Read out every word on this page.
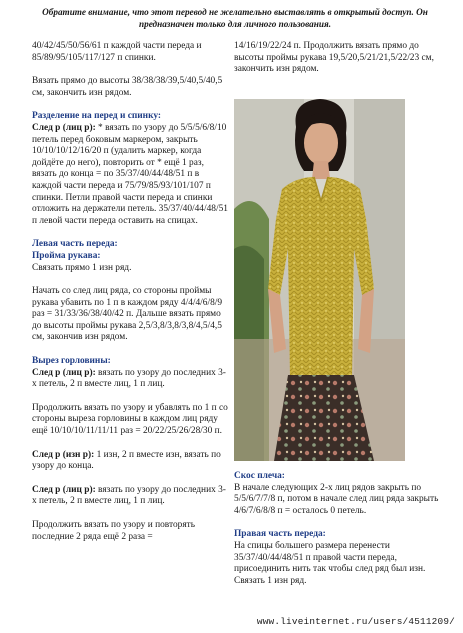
Обратите внимание, что этот перевод не желательно выставлять в открытый доступ. Он предназначен только для личного пользования.

40/42/45/50/56/61 п каждой части переда и 85/89/95/105/117/127 п спинки.

Вязать прямо до высоты 38/38/38/39,5/40,5/40,5 см, закончить изн рядом.

Разделение на перед и спинку:
След р (лиц р): * вязать по узору до 5/5/5/6/8/10 петель перед боковым маркером, закрыть 10/10/10/12/16/20 п (удалить маркер, когда дойдёте до него), повторить от * ещё 1 раз, вязать до конца = по 35/37/40/44/48/51 п в каждой части переда и 75/79/85/93/101/107 п спинки. Петли правой части переда и спинки отложить на держатели петель. 35/37/40/44/48/51 п левой части переда оставить на спицах.

Левая часть переда:
Пройма рукава:
Связать прямо 1 изн ряд.

Начать со след лиц ряда, со стороны проймы рукава убавить по 1 п в каждом ряду 4/4/4/6/8/9 раз = 31/33/36/38/40/42 п. Дальше вязать прямо до высоты проймы рукава 2,5/3,8/3,8/3,8/4,5/4,5 см, закончив изн рядом.

Вырез горловины:
След р (лиц р): вязать по узору до последних 3-х петель, 2 п вместе лиц, 1 п лиц.

Продолжить вязать по узору и убавлять по 1 п со стороны выреза горловины в каждом лиц ряду ещё 10/10/10/11/11/11 раз = 20/22/25/26/28/30 п.

След р (изн р): 1 изн, 2 п вместе изн, вязать по узору до конца.

След р (лиц р): вязать по узору до последних 3-х петель, 2 п вместе лиц, 1 п лиц.

Продолжить вязать по узору и повторять последние 2 ряда ещё 2 раза =

14/16/19/22/24 п. Продолжить вязать прямо до высоты проймы рукава 19,5/20,5/21/21,5/22/23 см, закончить изн рядом.

Скос плеча:
В начале следующих 2-х лиц рядов закрыть по 5/5/6/7/7/8 п, потом в начале след лиц ряда закрыть 4/6/7/6/8/8 п = осталось 0 петель.

Правая часть переда:
На спицы большего размера перенести 35/37/40/44/48/51 п правой части переда, присоединить нить так чтобы след ряд был изн. Связать 1 изн ряд.

www.liveinternet.ru/users/4511209/
